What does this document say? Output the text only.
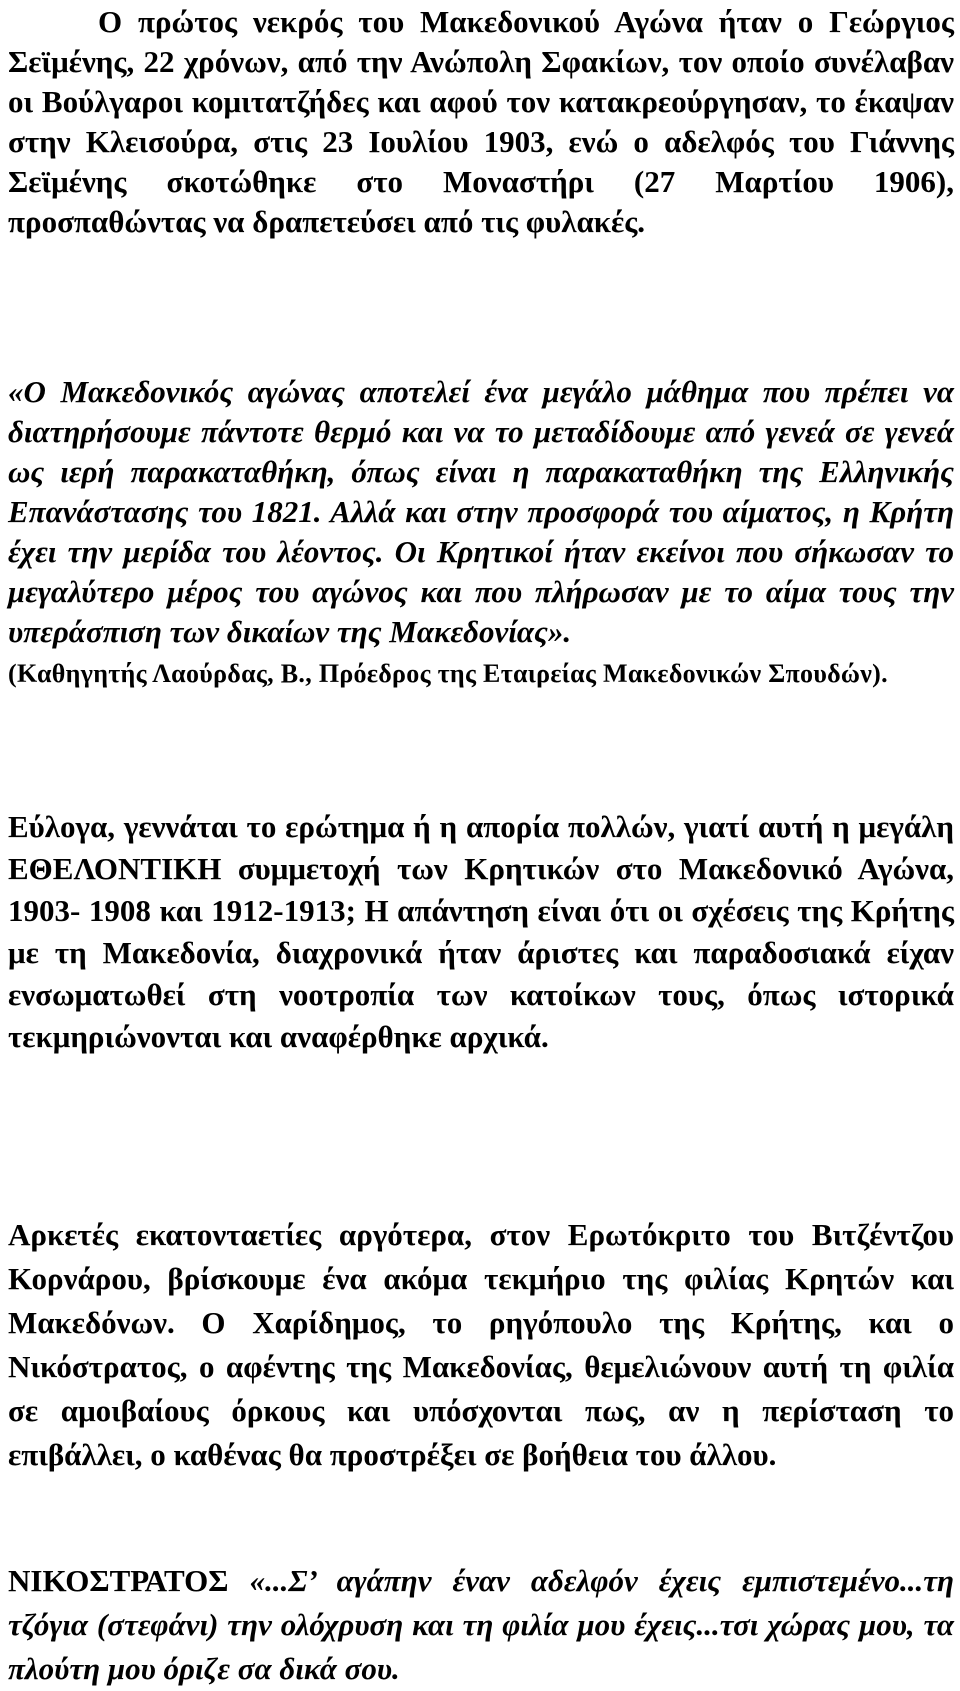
Ο πρώτος νεκρός του Μακεδονικού Αγώνα ήταν ο Γεώργιος Σεϊμένης, 22 χρόνων, από την Ανώπολη Σφακίων, τον οποίο συνέλαβαν οι Βούλγαροι κομιτατζήδες και αφού τον κατακρεούργησαν, το έκαψαν στην Κλεισούρα, στις 23 Ιουλίου 1903, ενώ ο αδελφός του Γιάννης Σεϊμένης σκοτώθηκε στο Μοναστήρι (27 Μαρτίου 1906), προσπαθώντας να δραπετεύσει από τις φυλακές.

«Ο Μακεδονικός αγώνας αποτελεί ένα μεγάλο μάθημα που πρέπει να διατηρήσουμε πάντοτε θερμό και να το μεταδίδουμε από γενεά σε γενεά ως ιερή παρακαταθήκη, όπως είναι η παρακαταθήκη της Ελληνικής Επανάστασης του 1821. Αλλά και στην προσφορά του αίματος, η Κρήτη έχει την μερίδα του λέοντος. Οι Κρητικοί ήταν εκείνοι που σήκωσαν το μεγαλύτερο μέρος του αγώνος και που πλήρωσαν με το αίμα τους την υπεράσπιση των δικαίων της Μακεδονίας».
(Καθηγητής Λαούρδας, Β., Πρόεδρος της Εταιρείας Μακεδονικών Σπουδών).

Εύλογα, γεννάται το ερώτημα ή η απορία πολλών, γιατί αυτή η μεγάλη ΕΘΕΛΟΝΤΙΚΗ συμμετοχή των Κρητικών στο Μακεδονικό Αγώνα, 1903- 1908 και 1912-1913; Η απάντηση είναι ότι οι σχέσεις της Κρήτης με τη Μακεδονία, διαχρονικά ήταν άριστες και παραδοσιακά είχαν ενσωματωθεί στη νοοτροπία των κατοίκων τους, όπως ιστορικά τεκμηριώνονται και αναφέρθηκε αρχικά.

Αρκετές εκατονταετίες αργότερα, στον Ερωτόκριτο του Βιτζέντζου Κορνάρου, βρίσκουμε ένα ακόμα τεκμήριο της φιλίας Κρητών και Μακεδόνων. Ο Χαρίδημος, το ρηγόπουλο της Κρήτης, και ο Νικόστρατος, ο αφέντης της Μακεδονίας, θεμελιώνουν αυτή τη φιλία σε αμοιβαίους όρκους και υπόσχονται πως, αν η περίσταση το επιβάλλει, ο καθένας θα προστρέξει σε βοήθεια του άλλου.

ΝΙΚΟΣΤΡΑΤΟΣ «...Σ’ αγάπην έναν αδελφόν έχεις εμπιστεμένο...τη τζόγια (στεφάνι) την ολόχρυση και τη φιλία μου έχεις...τσι χώρας μου, τα πλούτη μου όριζε σα δικά σου.
